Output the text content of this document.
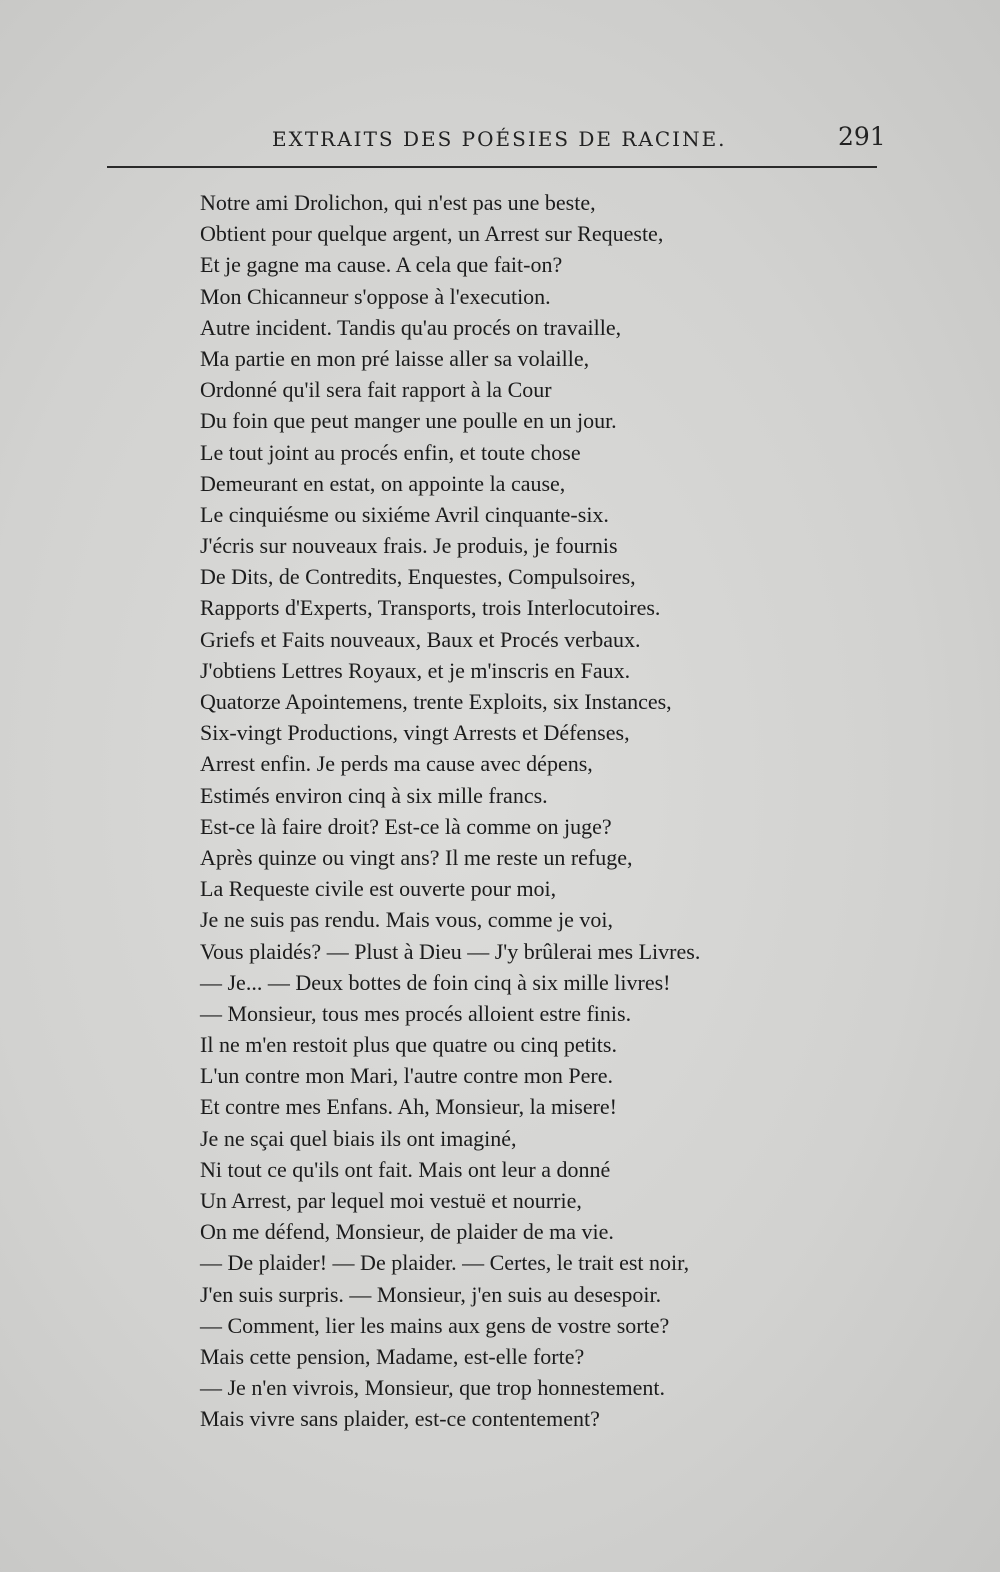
EXTRAITS DES POÉSIES DE RACINE.	291
Notre ami Drolichon, qui n'est pas une beste,
Obtient pour quelque argent, un Arrest sur Requeste,
Et je gagne ma cause. A cela que fait-on?
Mon Chicanneur s'oppose à l'execution.
Autre incident. Tandis qu'au procés on travaille,
Ma partie en mon pré laisse aller sa volaille,
Ordonné qu'il sera fait rapport à la Cour
Du foin que peut manger une poulle en un jour.
Le tout joint au procés enfin, et toute chose
Demeurant en estat, on appointe la cause,
Le cinquiésme ou sixiéme Avril cinquante-six.
J'écris sur nouveaux frais. Je produis, je fournis
De Dits, de Contredits, Enquestes, Compulsoires,
Rapports d'Experts, Transports, trois Interlocutoires.
Griefs et Faits nouveaux, Baux et Procés verbaux.
J'obtiens Lettres Royaux, et je m'inscris en Faux.
Quatorze Apointemens, trente Exploits, six Instances,
Six-vingt Productions, vingt Arrests et Défenses,
Arrest enfin. Je perds ma cause avec dépens,
Estimés environ cinq à six mille francs.
Est-ce là faire droit? Est-ce là comme on juge?
Après quinze ou vingt ans? Il me reste un refuge,
La Requeste civile est ouverte pour moi,
Je ne suis pas rendu. Mais vous, comme je voi,
Vous plaidés? — Plust à Dieu — J'y brûlerai mes Livres.
— Je... — Deux bottes de foin cinq à six mille livres!
— Monsieur, tous mes procés alloient estre finis.
Il ne m'en restoit plus que quatre ou cinq petits.
L'un contre mon Mari, l'autre contre mon Pere.
Et contre mes Enfans. Ah, Monsieur, la misere!
Je ne sçai quel biais ils ont imaginé,
Ni tout ce qu'ils ont fait. Mais ont leur a donné
Un Arrest, par lequel moi vestuë et nourrie,
On me défend, Monsieur, de plaider de ma vie.
— De plaider! — De plaider. — Certes, le trait est noir,
J'en suis surpris. — Monsieur, j'en suis au desespoir.
— Comment, lier les mains aux gens de vostre sorte?
Mais cette pension, Madame, est-elle forte?
— Je n'en vivrois, Monsieur, que trop honnestement.
Mais vivre sans plaider, est-ce contentement?
